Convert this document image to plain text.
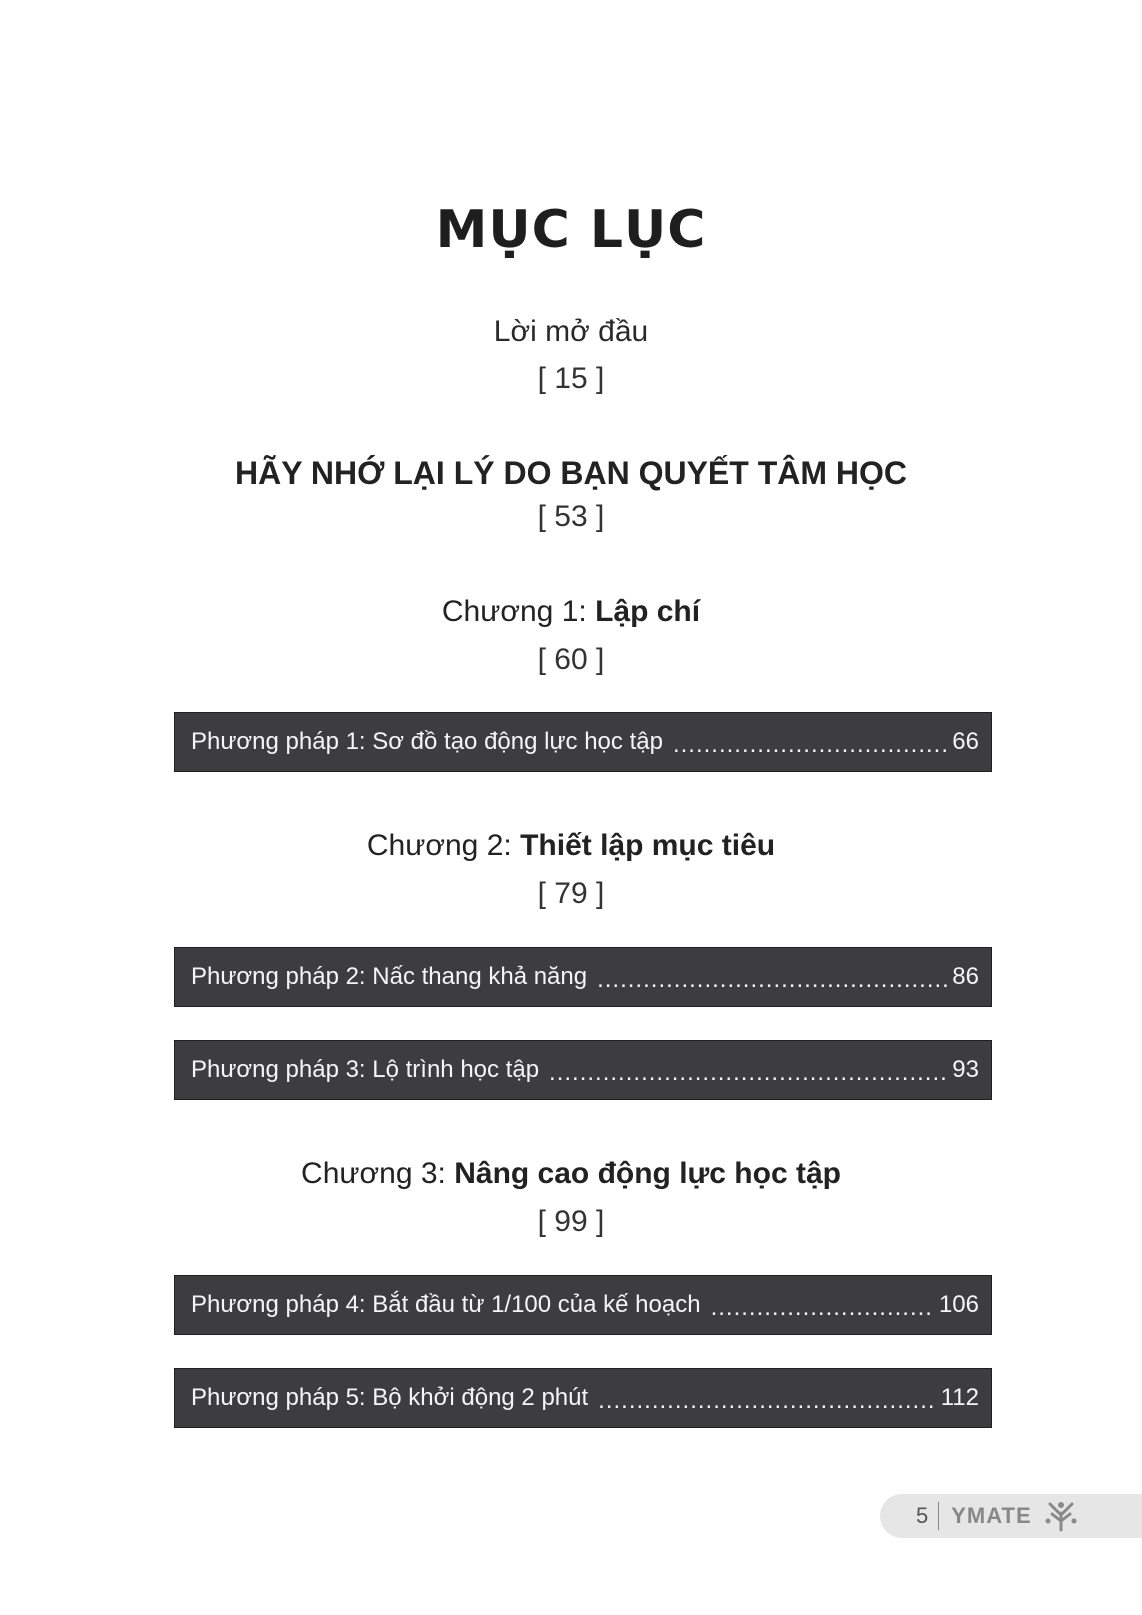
MỤC LỤC
Lời mở đầu
[ 15 ]
HÃY NHỚ LẠI LÝ DO BẠN QUYẾT TÂM HỌC
[ 53 ]
Chương 1: Lập chí
[ 60 ]
Phương pháp 1: Sơ đồ tạo động lực học tập .....	66
Chương 2: Thiết lập mục tiêu
[ 79 ]
Phương pháp 2: Nấc thang khả năng .....	86
Phương pháp 3: Lộ trình học tập .....	93
Chương 3: Nâng cao động lực học tập
[ 99 ]
Phương pháp 4: Bắt đầu từ 1/100 của kế hoạch .....	106
Phương pháp 5: Bộ khởi động 2 phút .....	112
5 YMATE
